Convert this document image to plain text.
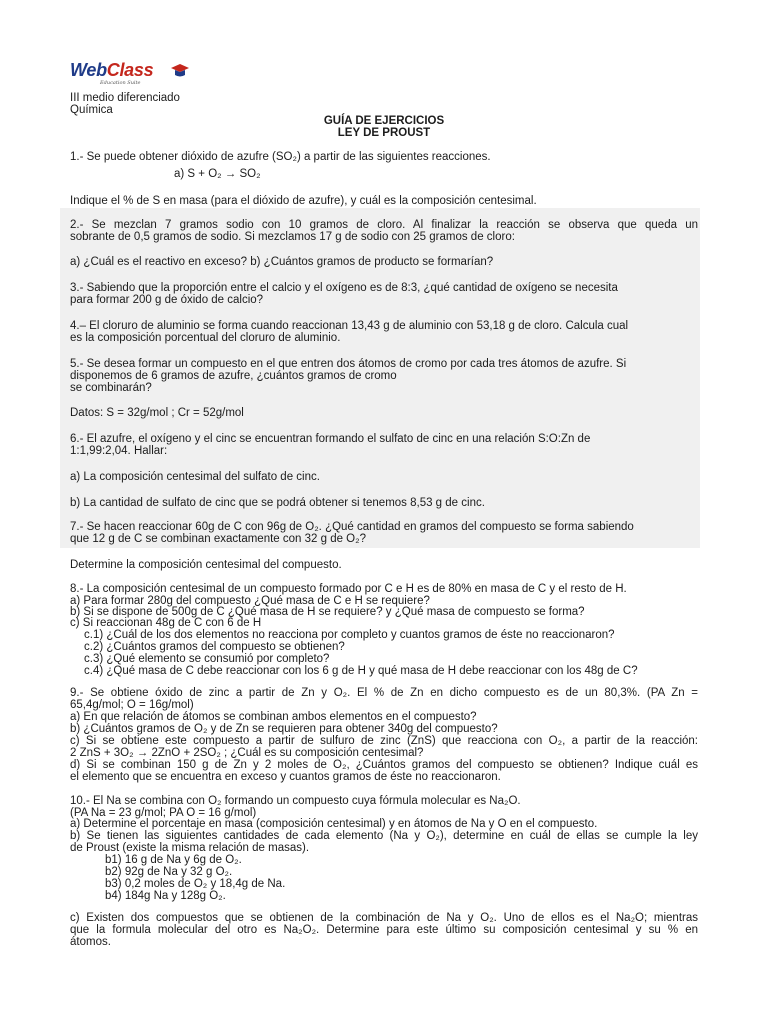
WebClass
Education Suite
III medio diferenciado
Química
GUÍA DE EJERCICIOS
LEY DE PROUST
1.- Se puede obtener dióxido de azufre (SO₂) a partir de las siguientes reacciones.
a) S + O₂ → SO₂
Indique el % de S en masa (para el dióxido de azufre), y cuál es la composición centesimal.
2.- Se mezclan 7 gramos sodio con 10 gramos de cloro. Al finalizar la reacción se observa que queda un
sobrante de 0,5 gramos de sodio. Si mezclamos 17 g de sodio con 25 gramos de cloro:
a) ¿Cuál es el reactivo en exceso? b) ¿Cuántos gramos de producto se formarían?
3.- Sabiendo que la proporción entre el calcio y el oxígeno es de 8:3, ¿qué cantidad de oxígeno se necesita
para formar 200 g de óxido de calcio?
4.– El cloruro de aluminio se forma cuando reaccionan 13,43 g de aluminio con 53,18 g de cloro. Calcula cual
es la composición porcentual del cloruro de aluminio.
5.- Se desea formar un compuesto en el que entren dos átomos de cromo por cada tres átomos de azufre. Si
disponemos de 6 gramos de azufre, ¿cuántos gramos de cromo
se combinarán?
Datos: S = 32g/mol ; Cr = 52g/mol
6.- El azufre, el oxígeno y el cinc se encuentran formando el sulfato de cinc en una relación S:O:Zn de
1:1,99:2,04. Hallar:
a) La composición centesimal del sulfato de cinc.
b) La cantidad de sulfato de cinc que se podrá obtener si tenemos 8,53 g de cinc.
7.- Se hacen reaccionar 60g de C con 96g de O₂. ¿Qué cantidad en gramos del compuesto se forma sabiendo
que 12 g de C se combinan exactamente con 32 g de O₂?
Determine la composición centesimal del compuesto.
8.- La composición centesimal de un compuesto formado por C e H es de 80% en masa de C y el resto de H.
a) Para formar 280g del compuesto ¿Qué masa de C e H se requiere?
b) Si se dispone de 500g de C ¿Qué masa de H se requiere? y ¿Qué masa de compuesto se forma?
c) Si reaccionan 48g de C con 6 de H
c.1) ¿Cuál de los dos elementos no reacciona por completo y cuantos gramos de éste no reaccionaron?
c.2) ¿Cuántos gramos del compuesto se obtienen?
c.3) ¿Qué elemento se consumió por completo?
c.4) ¿Qué masa de C debe reaccionar con los 6 g de H y qué masa de H debe reaccionar con los 48g de C?
9.- Se obtiene óxido de zinc a partir de Zn y O₂. El % de Zn en dicho compuesto es de un 80,3%. (PA Zn =
65,4g/mol; O = 16g/mol)
a) En que relación de átomos se combinan ambos elementos en el compuesto?
b) ¿Cuántos gramos de O₂ y de Zn se requieren para obtener 340g del compuesto?
c) Si se obtiene este compuesto a partir de sulfuro de zinc (ZnS) que reacciona con O₂, a partir de la reacción:
2 ZnS + 3O₂ → 2ZnO + 2SO₂ ; ¿Cuál es su composición centesimal?
d) Si se combinan 150 g de Zn y 2 moles de O₂, ¿Cuántos gramos del compuesto se obtienen? Indique cuál es
el elemento que se encuentra en exceso y cuantos gramos de éste no reaccionaron.
10.- El Na se combina con O₂ formando un compuesto cuya fórmula molecular es Na₂O.
(PA Na = 23 g/mol; PA O = 16 g/mol)
a) Determine el porcentaje en masa (composición centesimal) y en átomos de Na y O en el compuesto.
b) Se tienen las siguientes cantidades de cada elemento (Na y O₂), determine en cuál de ellas se cumple la ley
de Proust (existe la misma relación de masas).
b1) 16 g de Na y 6g de O₂.
b2) 92g de Na y 32 g O₂.
b3) 0,2 moles de O₂ y 18,4g de Na.
b4) 184g Na y 128g O₂.
c) Existen dos compuestos que se obtienen de la combinación de Na y O₂. Uno de ellos es el Na₂O; mientras
que la formula molecular del otro es Na₂O₂. Determine para este último su composición centesimal y su % en
átomos.
